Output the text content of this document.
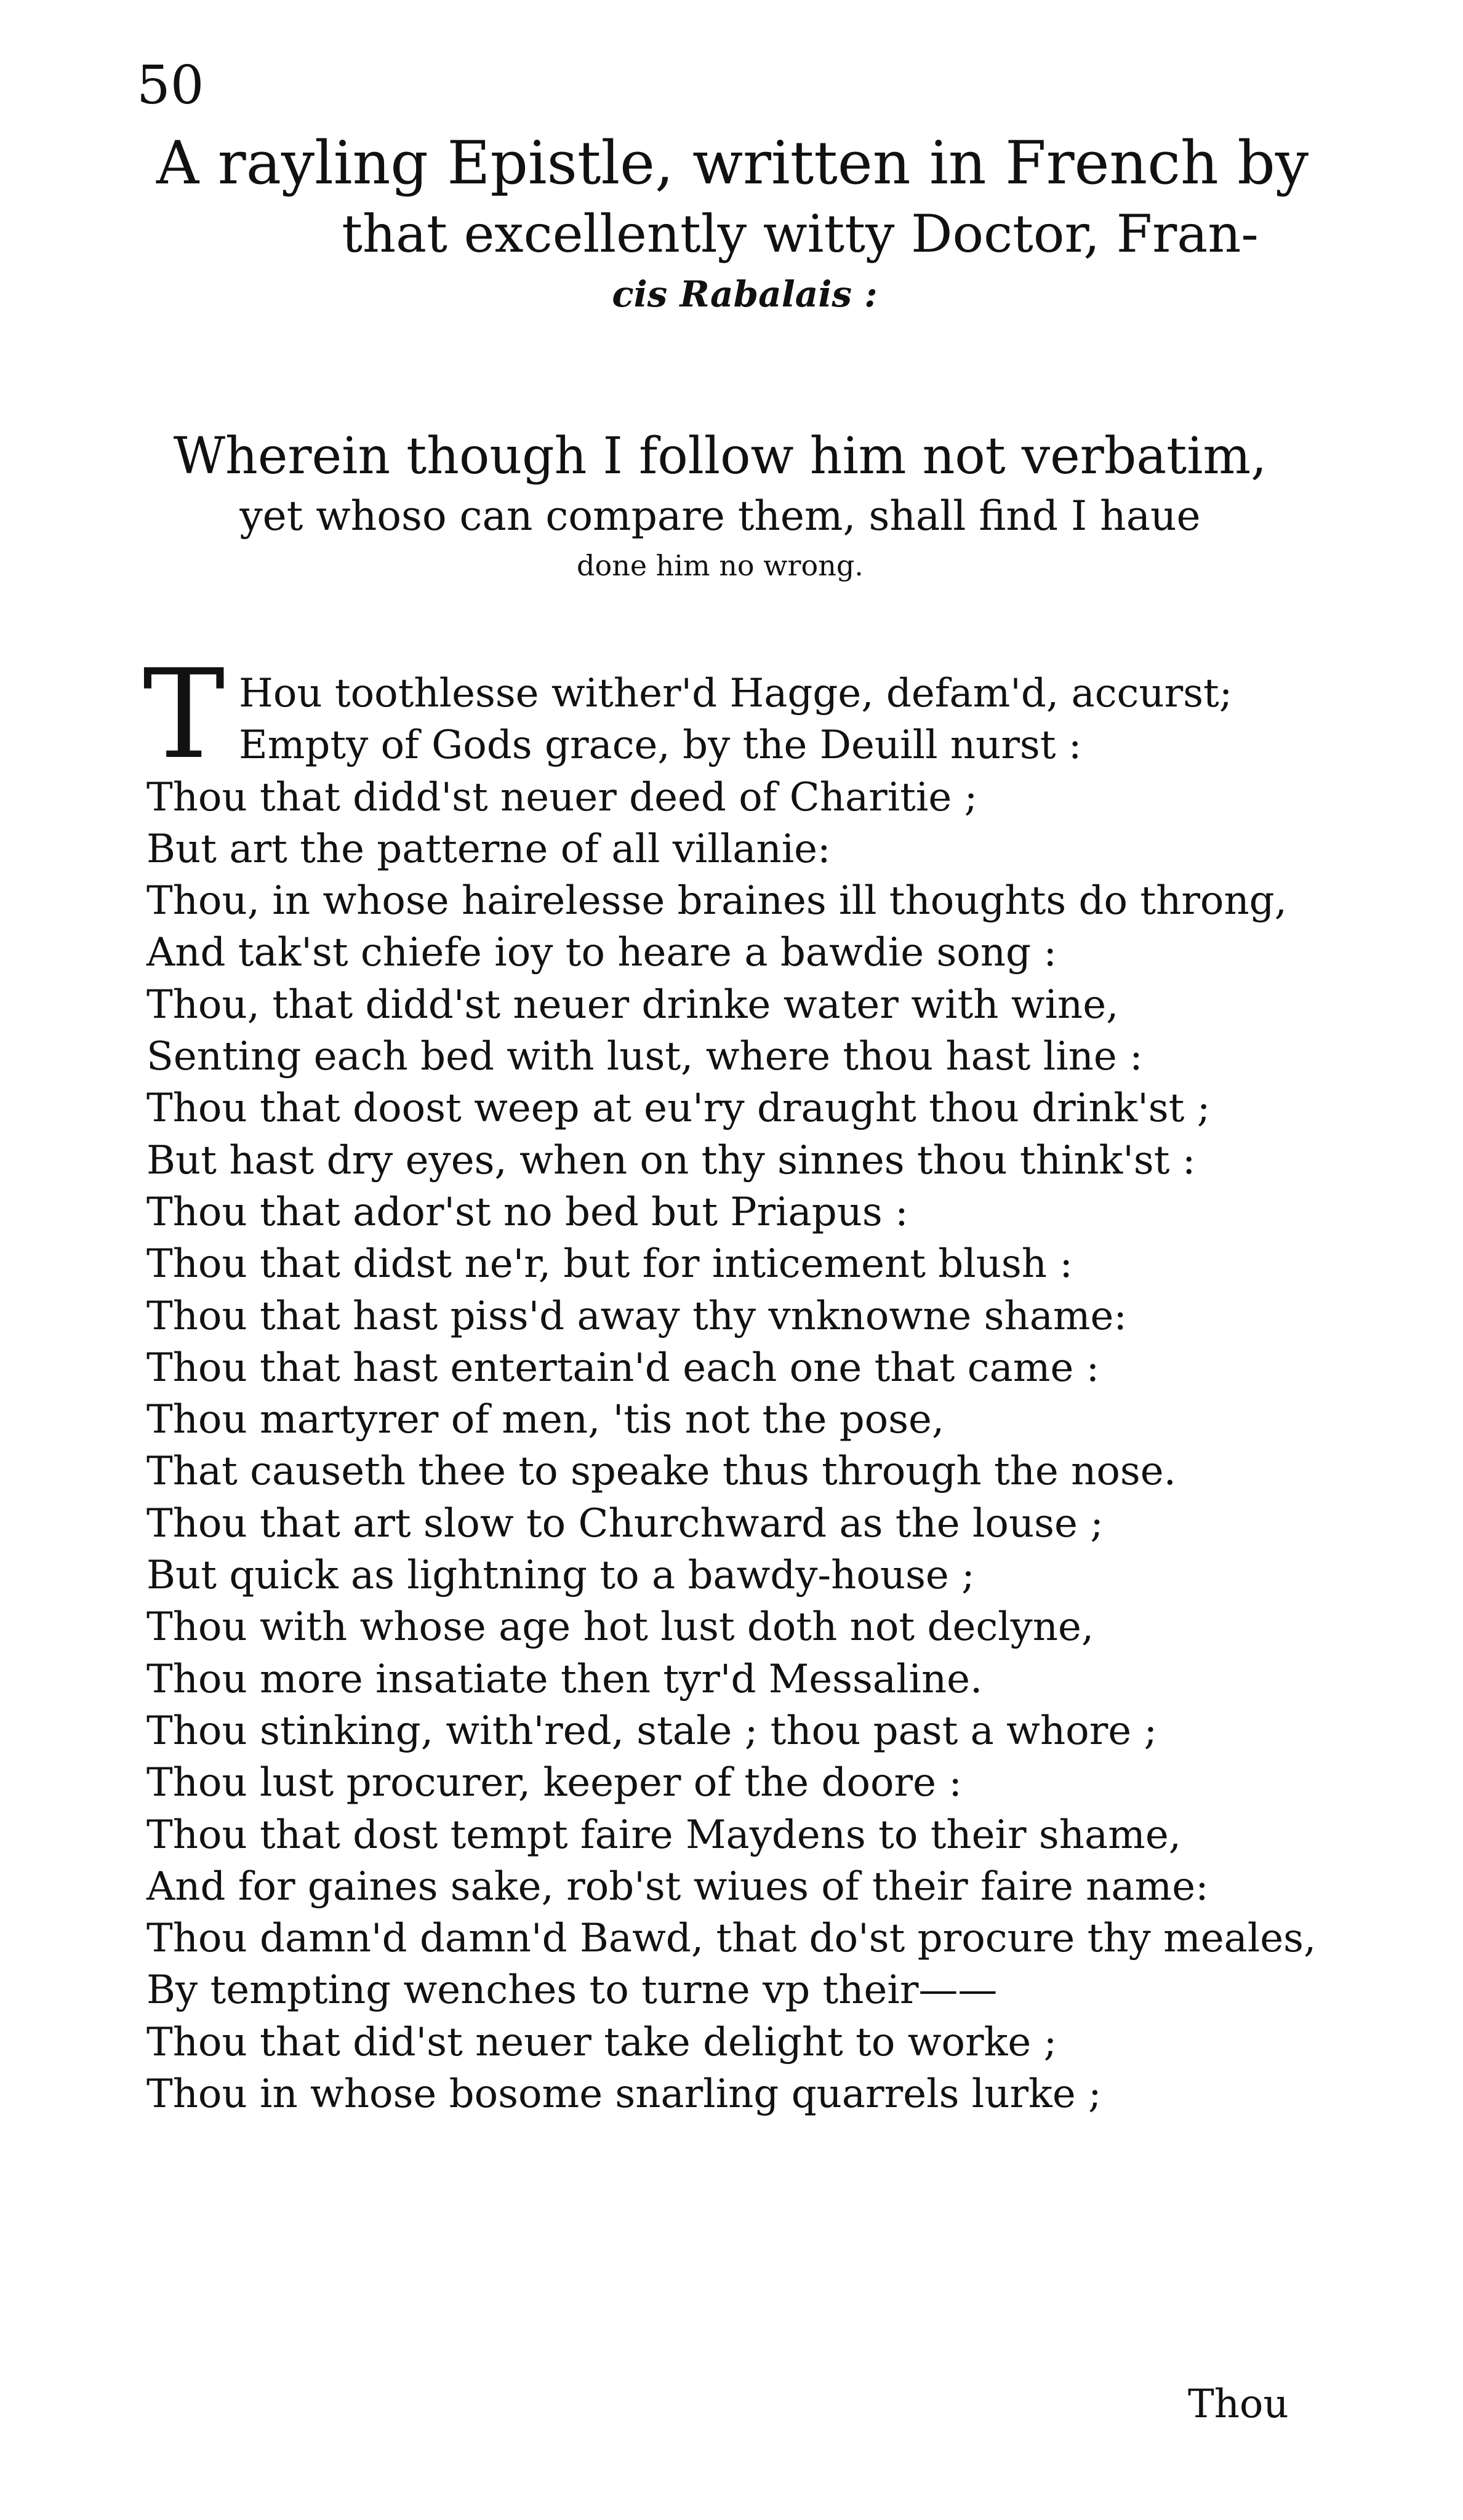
50
A rayling Epistle, written in French by
that excellently witty Doctor, Fran-
cis Rabalais :
Wherein though I follow him not verbatim,
yet whoso can compare them, shall find I haue
done him no wrong.
T Hou toothlesse wither'd Hagge, defam'd, accurst;
Empty of Gods grace, by the Deuill nurst :
Thou that didd'st neuer deed of Charitie ;
But art the patterne of all villanie:
Thou, in whose hairelesse braines ill thoughts do throng,
And tak'st chiefe ioy to heare a bawdie song :
Thou, that didd'st neuer drinke water with wine,
Senting each bed with lust, where thou hast line :
Thou that doost weep at eu'ry draught thou drink'st ;
But hast dry eyes, when on thy sinnes thou think'st :
Thou that ador'st no bed but Priapus :
Thou that didst ne'r, but for inticement blush :
Thou that hast piss'd away thy vnknowne shame:
Thou that hast entertain'd each one that came :
Thou martyrer of men, 'tis not the pose,
That causeth thee to speake thus through the nose.
Thou that art slow to Churchward as the louse ;
But quick as lightning to a bawdy-house ;
Thou with whose age hot lust doth not declyne,
Thou more insatiate then tyr'd Messaline.
Thou stinking, with'red, stale ; thou past a whore ;
Thou lust procurer, keeper of the doore :
Thou that dost tempt faire Maydens to their shame,
And for gaines sake, rob'st wiues of their faire name:
Thou damn'd damn'd Bawd, that do'st procure thy meales,
By tempting wenches to turne vp their——
Thou that did'st neuer take delight to worke ;
Thou in whose bosome snarling quarrels lurke ;
Thou
